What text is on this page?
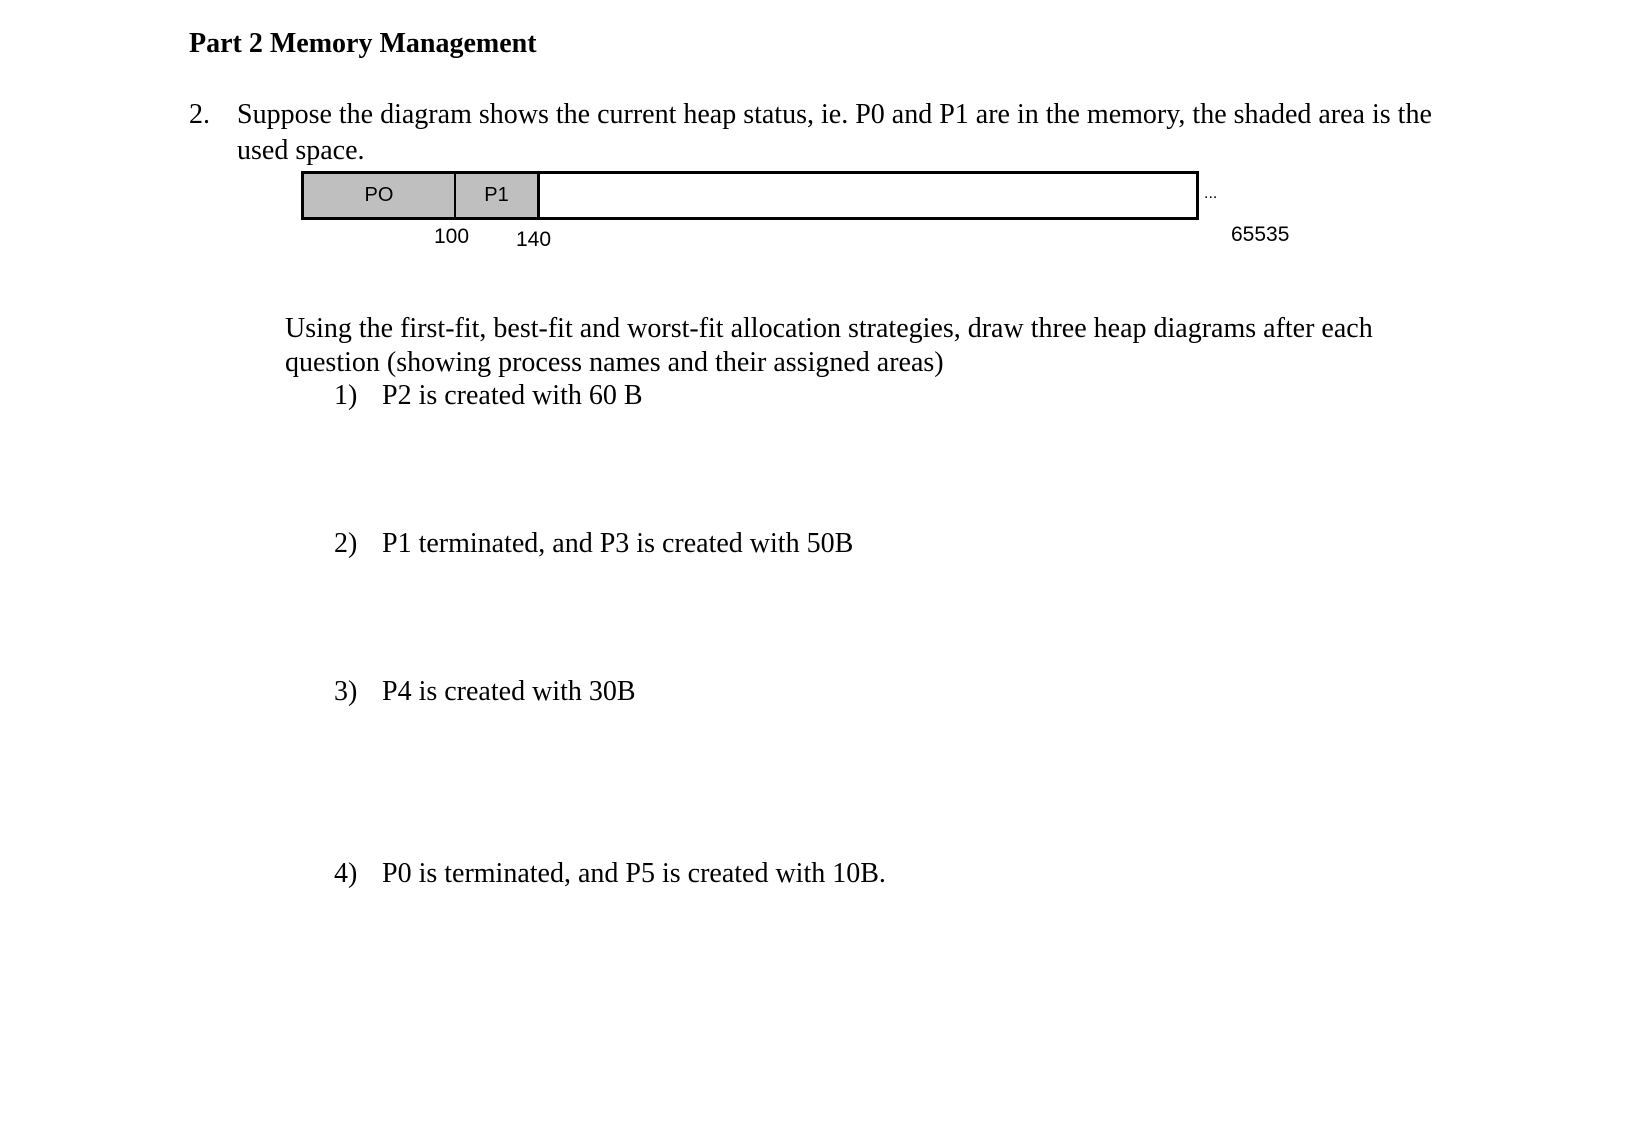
Part 2 Memory Management
2. Suppose the diagram shows the current heap status, ie. P0 and P1 are in the memory, the shaded area is the used space.
PO	P1	...
100 140	65535
Using the first-fit, best-fit and worst-fit allocation strategies, draw three heap diagrams after each question (showing process names and their assigned areas)
1) P2 is created with 60 B
2) P1 terminated, and P3 is created with 50B
3) P4 is created with 30B
4) P0 is terminated, and P5 is created with 10B.
